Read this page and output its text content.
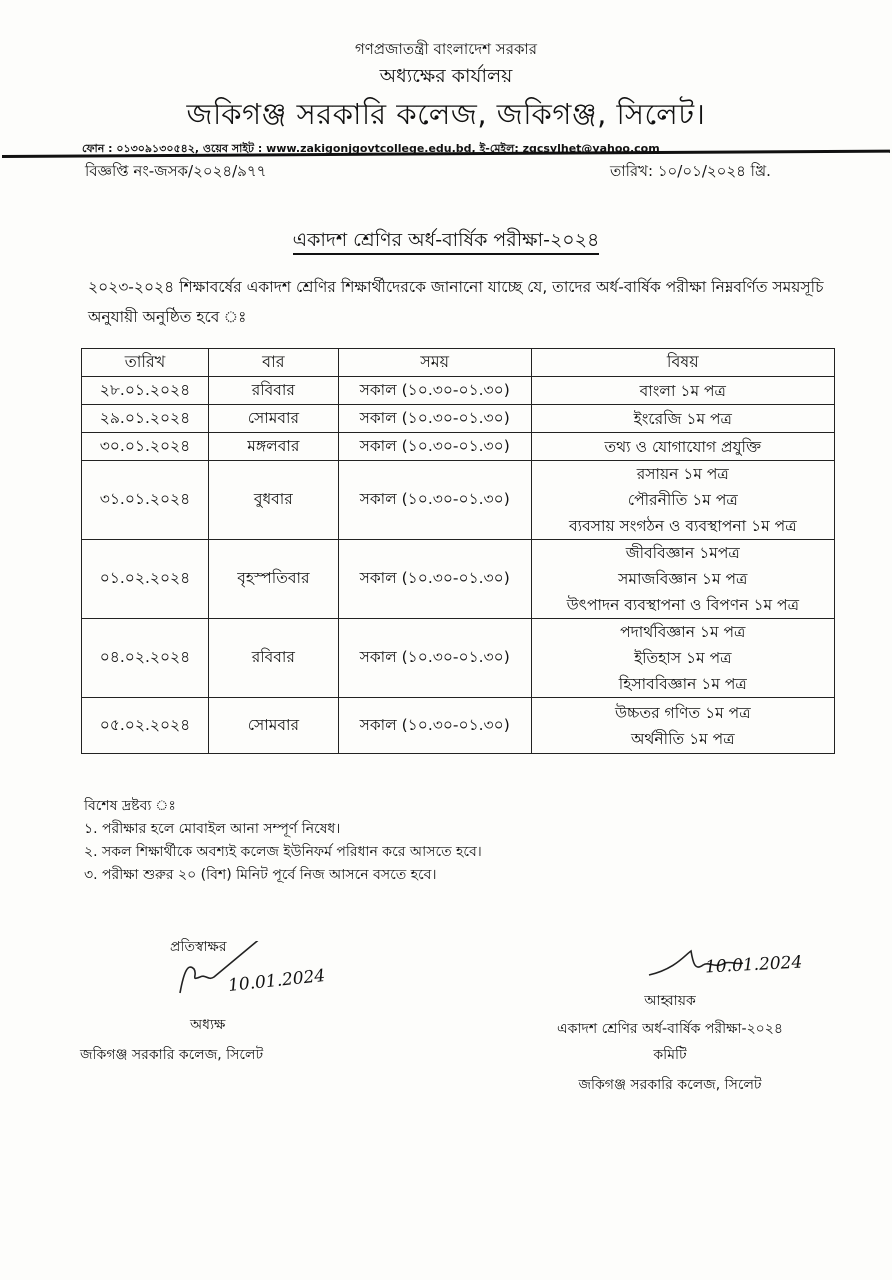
গণপ্রজাতন্ত্রী বাংলাদেশ সরকার
অধ্যক্ষের কার্যালয়
জকিগঞ্জ সরকারি কলেজ, জকিগঞ্জ, সিলেট।
ফোন : ০১৩০৯১৩০৫৪২, ওয়েব সাইট : www.zakigonjgovtcollege.edu.bd, ই-মেইল: zgcsylhet@yahoo.com
বিজ্ঞপ্তি নং-জসক/২০২৪/৯৭৭	তারিখ: ১০/০১/২০২৪ খ্রি.
একাদশ শ্রেণির অর্ধ-বার্ষিক পরীক্ষা-২০২৪
২০২৩-২০২৪ শিক্ষাবর্ষের একাদশ শ্রেণির শিক্ষার্থীদেরকে জানানো যাচ্ছে যে, তাদের অর্ধ-বার্ষিক পরীক্ষা নিম্নবর্ণিত সময়সূচি অনুযায়ী অনুষ্ঠিত হবে ঃ
তারিখ	বার	সময়	বিষয়
২৮.০১.২০২৪	রবিবার	সকাল (১০.৩০-০১.৩০)	বাংলা ১ম পত্র

২৯.০১.২০২৪	সোমবার	সকাল (১০.৩০-০১.৩০)	ইংরেজি ১ম পত্র

৩০.০১.২০২৪	মঙ্গলবার	সকাল (১০.৩০-০১.৩০)	তথ্য ও যোগাযোগ প্রযুক্তি

৩১.০১.২০২৪	বুধবার	সকাল (১০.৩০-০১.৩০)	রসায়ন ১ম পত্র
পৌরনীতি ১ম পত্র
ব্যবসায় সংগঠন ও ব্যবস্থাপনা ১ম পত্র

০১.০২.২০২৪	বৃহস্পতিবার	সকাল (১০.৩০-০১.৩০)	জীববিজ্ঞান ১মপত্র
সমাজবিজ্ঞান ১ম পত্র
উৎপাদন ব্যবস্থাপনা ও বিপণন ১ম পত্র

০৪.০২.২০২৪	রবিবার	সকাল (১০.৩০-০১.৩০)	পদার্থবিজ্ঞান ১ম পত্র
ইতিহাস ১ম পত্র
হিসাববিজ্ঞান ১ম পত্র

০৫.০২.২০২৪	সোমবার	সকাল (১০.৩০-০১.৩০)	উচ্চতর গণিত ১ম পত্র
অর্থনীতি ১ম পত্র
বিশেষ দ্রষ্টব্য ঃ
১. পরীক্ষার হলে মোবাইল আনা সম্পূর্ণ নিষেধ।
২. সকল শিক্ষার্থীকে অবশ্যই কলেজ ইউনিফর্ম পরিধান করে আসতে হবে।
৩. পরীক্ষা শুরুর ২০ (বিশ) মিনিট পূর্বে নিজ আসনে বসতে হবে।
প্রতিস্বাক্ষর
10.01.2024
অধ্যক্ষ
জকিগঞ্জ সরকারি কলেজ, সিলেট
10.01.2024
আহ্বায়ক
একাদশ শ্রেণির অর্ধ-বার্ষিক পরীক্ষা-২০২৪
কমিটি
জকিগঞ্জ সরকারি কলেজ, সিলেট
